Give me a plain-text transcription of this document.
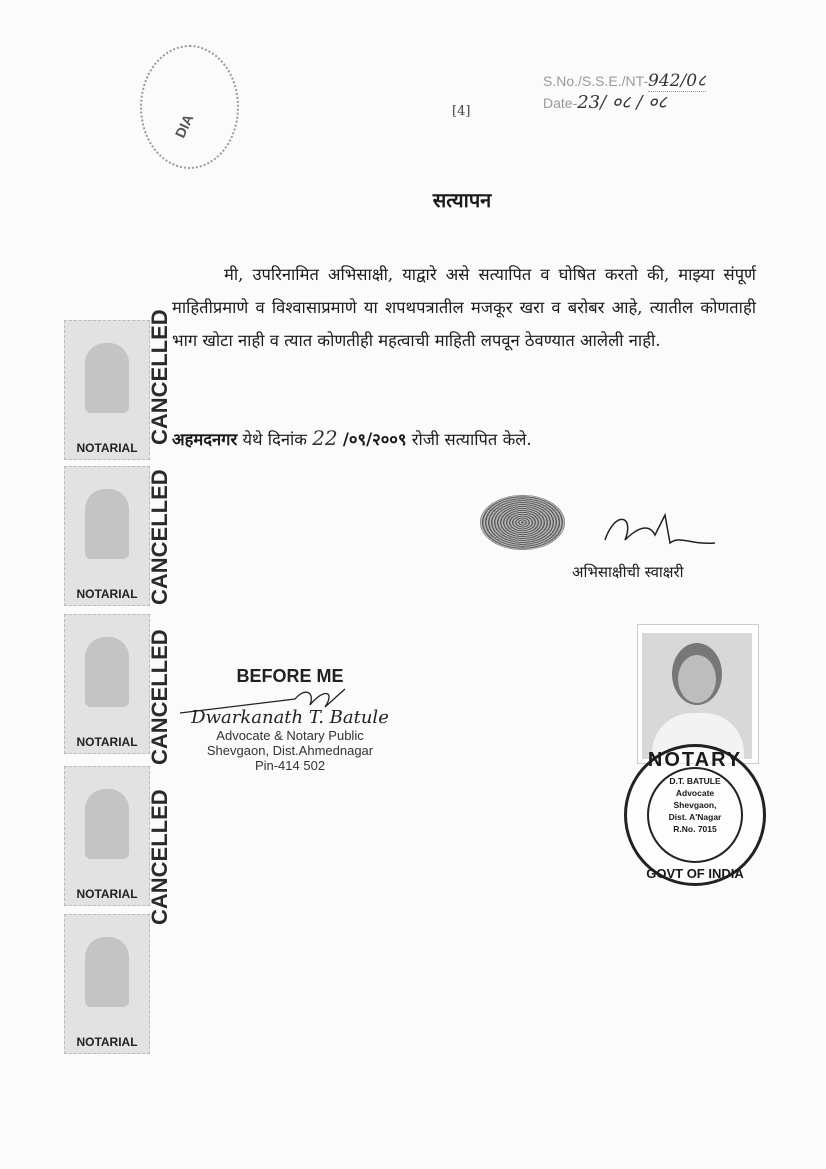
DIA
[4]
S.No./S.S.E./NT-942/0८
Date-23/ ०८ / ०८
सत्यापन
मी, उपरिनामित अभिसाक्षी, याद्वारे असे सत्यापित व घोषित करतो की, माझ्या संपूर्ण माहितीप्रमाणे व विश्वासाप्रमाणे या शपथपत्रातील मजकूर खरा व बरोबर आहे, त्यातील कोणताही भाग खोटा नाही व त्यात कोणतीही महत्वाची माहिती लपवून ठेवण्यात आलेली नाही.
अहमदनगर येथे दिनांक 22 /०९/२००९ रोजी सत्यापित केले.
अभिसाक्षीची स्वाक्षरी
NOTARY
D.T. BATULE
Advocate
Shevgaon,
Dist. A'Nagar
R.No. 7015
GOVT OF INDIA
BEFORE ME
Dwarkanath T. Batule
Advocate & Notary Public
Shevgaon, Dist.Ahmednagar
Pin-414 502
NOTARIAL
NOTARIAL
NOTARIAL
NOTARIAL
NOTARIAL
CANCELLED
CANCELLED
CANCELLED
CANCELLED
